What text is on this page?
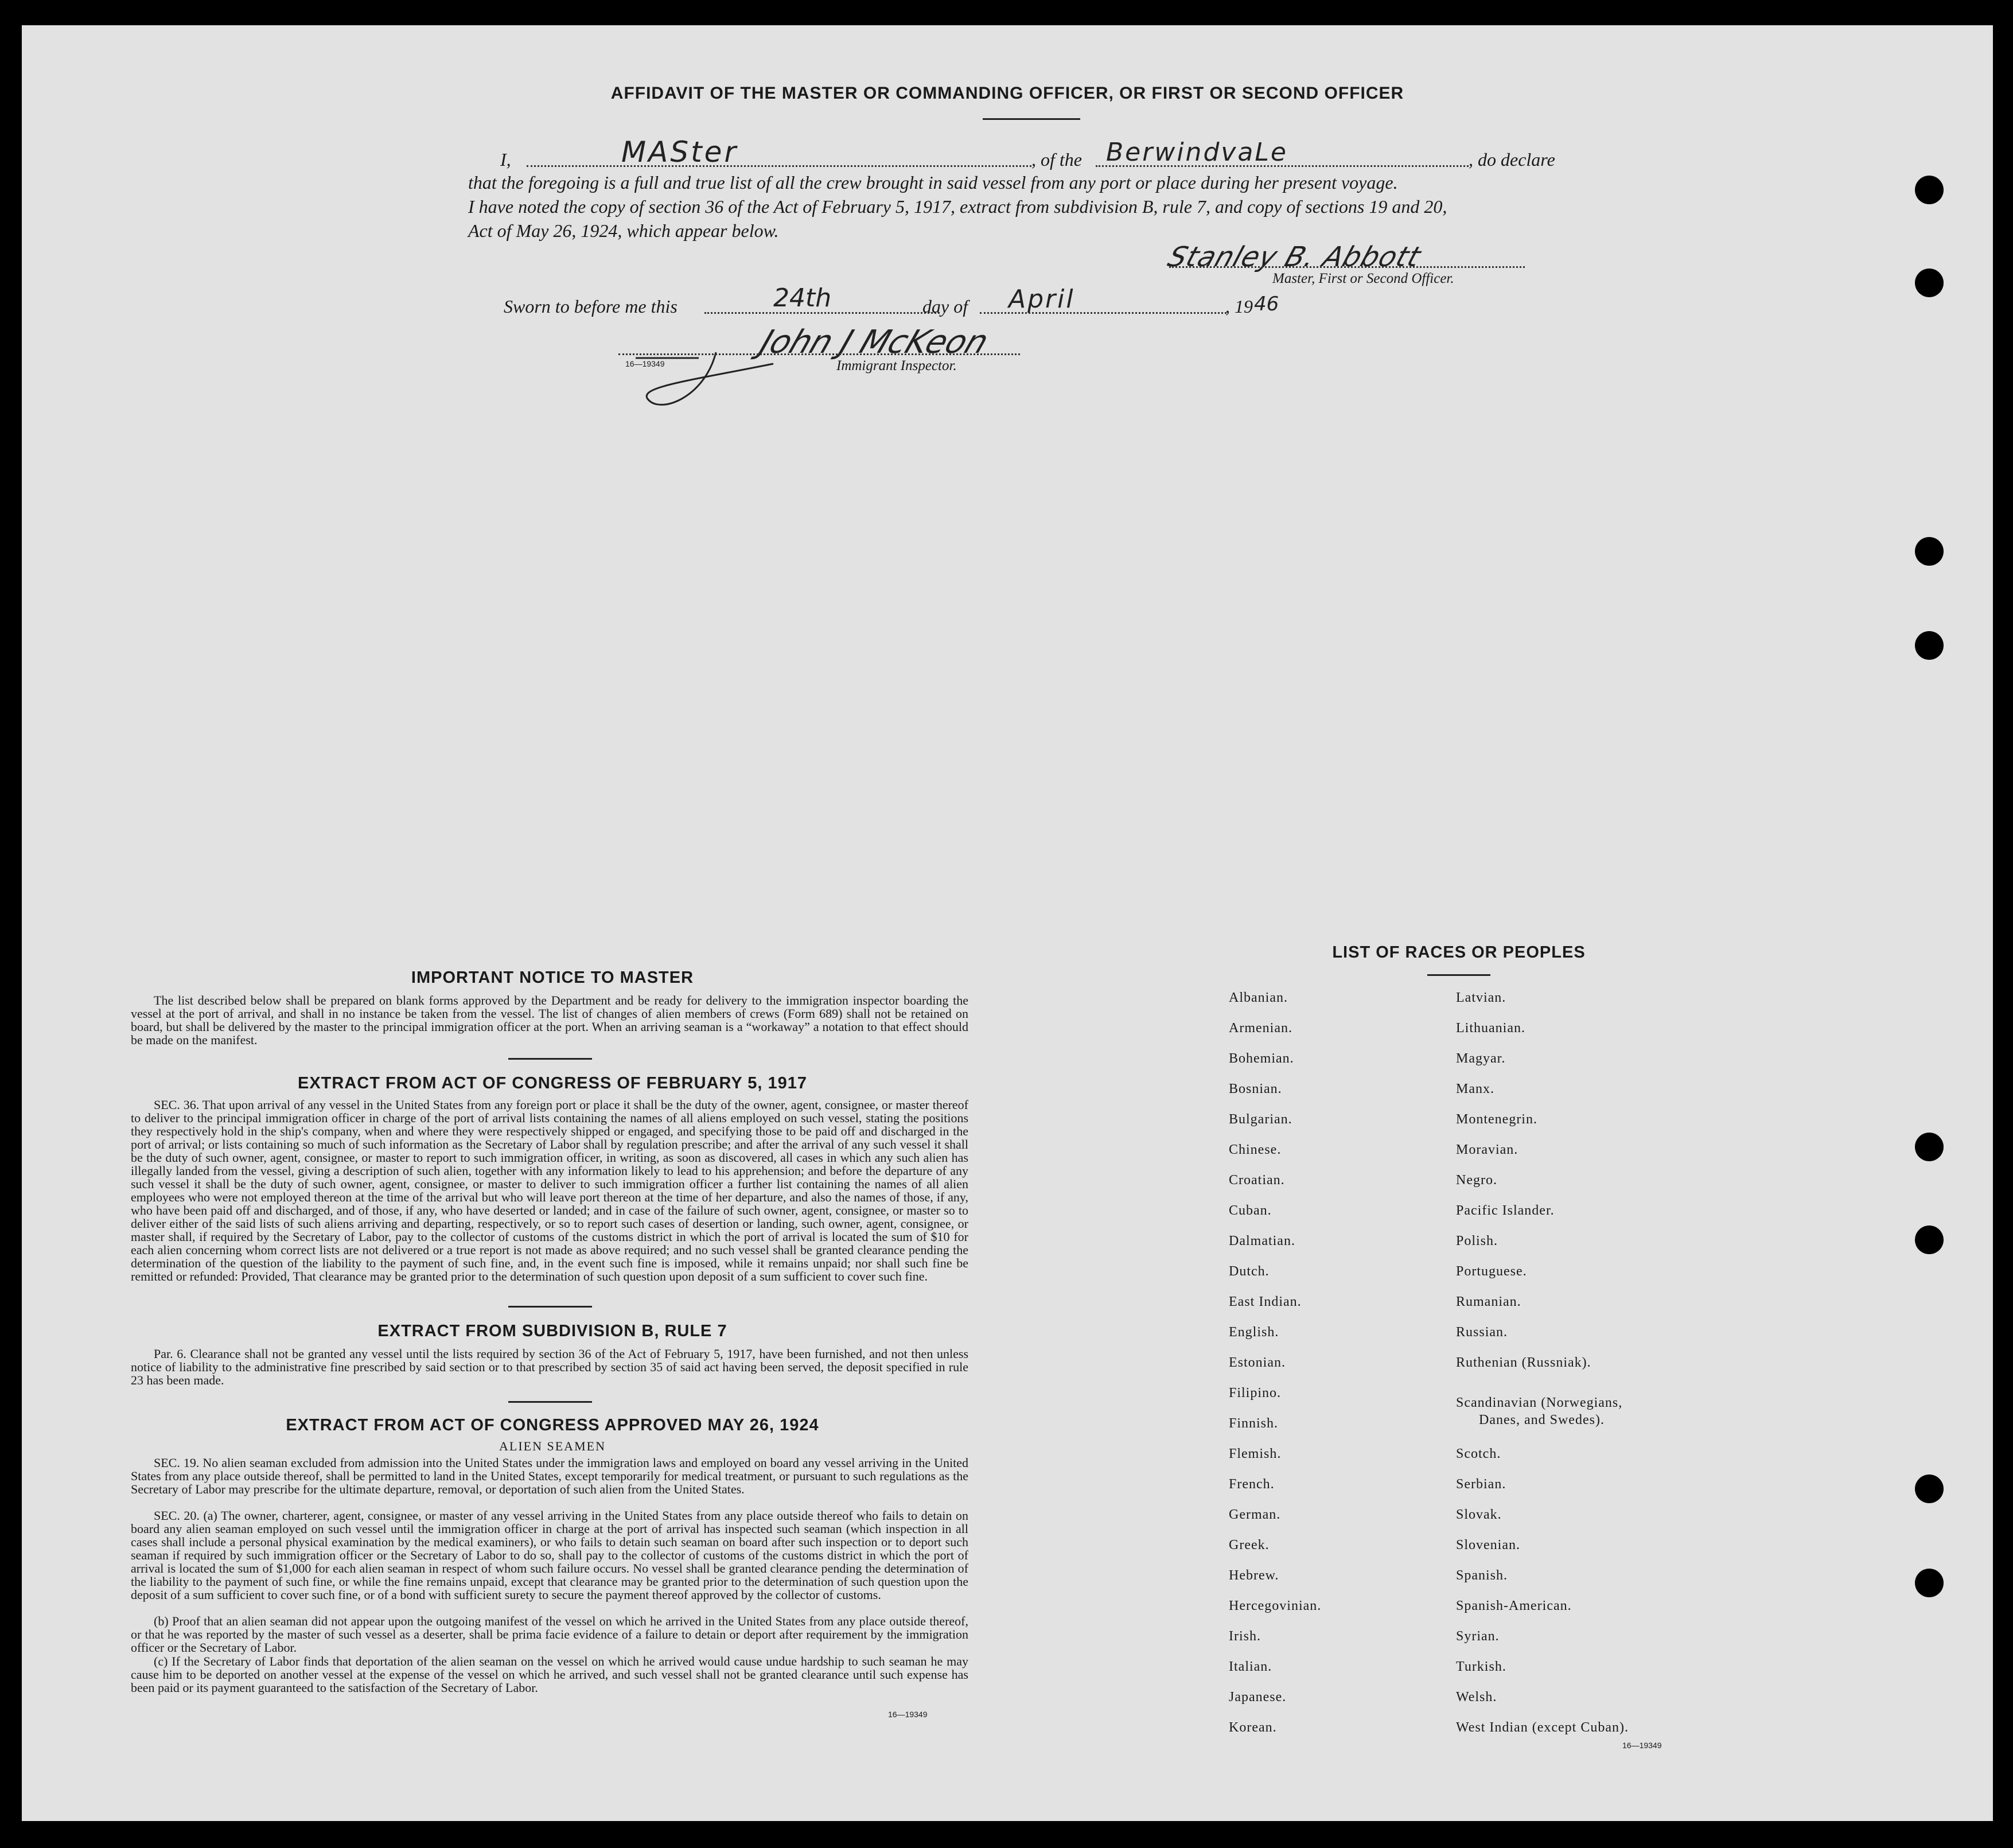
AFFIDAVIT OF THE MASTER OR COMMANDING OFFICER, OR FIRST OR SECOND OFFICER
I,	MASter	, of the BerwindvaLe	, do declare
that the foregoing is a full and true list of all the crew brought in said vessel from any port or place during her present voyage.
I have noted the copy of section 36 of the Act of February 5, 1917, extract from subdivision B, rule 7, and copy of sections 19 and 20,
Act of May 26, 1924, which appear below.
Stanley B. Abbott
Master, First or Second Officer.
Sworn to before me this	24th	day of April	, 19 46
John J McKeon
16—19349	Immigrant Inspector.
IMPORTANT NOTICE TO MASTER
The list described below shall be prepared on blank forms approved by the Department and be ready for delivery to the immigration inspector boarding the vessel at the port of arrival, and shall in no instance be taken from the vessel. The list of changes of alien members of crews (Form 689) shall not be retained on board, but shall be delivered by the master to the principal immigration officer at the port. When an arriving seaman is a “workaway” a notation to that effect should be made on the manifest.
EXTRACT FROM ACT OF CONGRESS OF FEBRUARY 5, 1917
SEC. 36. That upon arrival of any vessel in the United States from any foreign port or place it shall be the duty of the owner, agent, consignee, or master thereof to deliver to the principal immigration officer in charge of the port of arrival lists containing the names of all aliens employed on such vessel, stating the positions they respectively hold in the ship's company, when and where they were respectively shipped or engaged, and specifying those to be paid off and discharged in the port of arrival; or lists containing so much of such information as the Secretary of Labor shall by regulation prescribe; and after the arrival of any such vessel it shall be the duty of such owner, agent, consignee, or master to report to such immigration officer, in writing, as soon as discovered, all cases in which any such alien has illegally landed from the vessel, giving a description of such alien, together with any information likely to lead to his apprehension; and before the departure of any such vessel it shall be the duty of such owner, agent, consignee, or master to deliver to such immigration officer a further list containing the names of all alien employees who were not employed thereon at the time of the arrival but who will leave port thereon at the time of her departure, and also the names of those, if any, who have been paid off and discharged, and of those, if any, who have deserted or landed; and in case of the failure of such owner, agent, consignee, or master so to deliver either of the said lists of such aliens arriving and departing, respectively, or so to report such cases of desertion or landing, such owner, agent, consignee, or master shall, if required by the Secretary of Labor, pay to the collector of customs of the customs district in which the port of arrival is located the sum of $10 for each alien concerning whom correct lists are not delivered or a true report is not made as above required; and no such vessel shall be granted clearance pending the determination of the question of the liability to the payment of such fine, and, in the event such fine is imposed, while it remains unpaid; nor shall such fine be remitted or refunded: Provided, That clearance may be granted prior to the determination of such question upon deposit of a sum sufficient to cover such fine.
EXTRACT FROM SUBDIVISION B, RULE 7
Par. 6. Clearance shall not be granted any vessel until the lists required by section 36 of the Act of February 5, 1917, have been furnished, and not then unless notice of liability to the administrative fine prescribed by said section or to that prescribed by section 35 of said act having been served, the deposit specified in rule 23 has been made.
EXTRACT FROM ACT OF CONGRESS APPROVED MAY 26, 1924
ALIEN SEAMEN
SEC. 19. No alien seaman excluded from admission into the United States under the immigration laws and employed on board any vessel arriving in the United States from any place outside thereof, shall be permitted to land in the United States, except temporarily for medical treatment, or pursuant to such regulations as the Secretary of Labor may prescribe for the ultimate departure, removal, or deportation of such alien from the United States.
SEC. 20. (a) The owner, charterer, agent, consignee, or master of any vessel arriving in the United States from any place outside thereof who fails to detain on board any alien seaman employed on such vessel until the immigration officer in charge at the port of arrival has inspected such seaman (which inspection in all cases shall include a personal physical examination by the medical examiners), or who fails to detain such seaman on board after such inspection or to deport such seaman if required by such immigration officer or the Secretary of Labor to do so, shall pay to the collector of customs of the customs district in which the port of arrival is located the sum of $1,000 for each alien seaman in respect of whom such failure occurs. No vessel shall be granted clearance pending the determination of the liability to the payment of such fine, or while the fine remains unpaid, except that clearance may be granted prior to the determination of such question upon the deposit of a sum sufficient to cover such fine, or of a bond with sufficient surety to secure the payment thereof approved by the collector of customs.
(b) Proof that an alien seaman did not appear upon the outgoing manifest of the vessel on which he arrived in the United States from any place outside thereof, or that he was reported by the master of such vessel as a deserter, shall be prima facie evidence of a failure to detain or deport after requirement by the immigration officer or the Secretary of Labor.
(c) If the Secretary of Labor finds that deportation of the alien seaman on the vessel on which he arrived would cause undue hardship to such seaman he may cause him to be deported on another vessel at the expense of the vessel on which he arrived, and such vessel shall not be granted clearance until such expense has been paid or its payment guaranteed to the satisfaction of the Secretary of Labor.
16—19349
LIST OF RACES OR PEOPLES
Albanian.
Armenian.
Bohemian.
Bosnian.
Bulgarian.
Chinese.
Croatian.
Cuban.
Dalmatian.
Dutch.
East Indian.
English.
Estonian.
Filipino.
Finnish.
Flemish.
French.
German.
Greek.
Hebrew.
Hercegovinian.
Irish.
Italian.
Japanese.
Korean.
Latvian.
Lithuanian.
Magyar.
Manx.
Montenegrin.
Moravian.
Negro.
Pacific Islander.
Polish.
Portuguese.
Rumanian.
Russian.
Ruthenian (Russniak).
Scandinavian (Norwegians,
Danes, and Swedes).
Scotch.
Serbian.
Slovak.
Slovenian.
Spanish.
Spanish-American.
Syrian.
Turkish.
Welsh.
West Indian (except Cuban).
16—19349
